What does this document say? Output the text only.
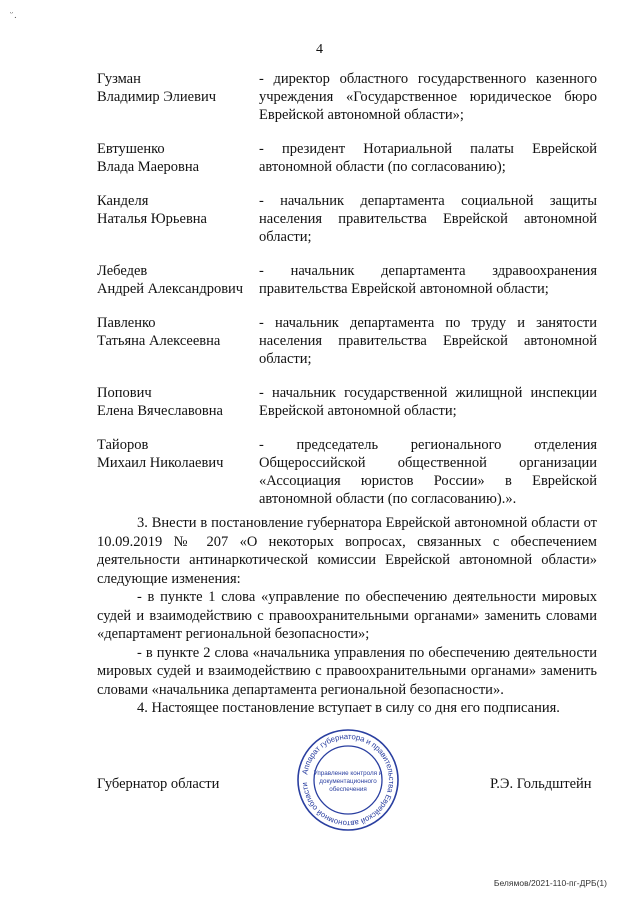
ᵕ ̣
4
Гузман
Владимир Элиевич
- директор областного государственного казенного учреждения «Государственное юридическое бюро Еврейской автономной области»;
Евтушенко
Влада Маеровна
- президент Нотариальной палаты Еврейской автономной области (по согласованию);
Канделя
Наталья Юрьевна
- начальник департамента социальной защиты населения правительства Еврейской автономной области;
Лебедев
Андрей Александрович
- начальник департамента здравоохранения правительства Еврейской автономной области;
Павленко
Татьяна Алексеевна
- начальник департамента по труду и занятости населения правительства Еврейской автономной области;
Попович
Елена Вячеславовна
- начальник государственной жилищной инспекции Еврейской автономной области;
Тайоров
Михаил Николаевич
- председатель регионального отделения Общероссийской общественной организации «Ассоциация юристов России» в Еврейской автономной области (по согласованию).».

3. Внести в постановление губернатора Еврейской автономной области от 10.09.2019 № 207 «О некоторых вопросах, связанных с обеспечением деятельности антинаркотической комиссии Еврейской автономной области» следующие изменения:

- в пункте 1 слова «управление по обеспечению деятельности мировых судей и взаимодействию с правоохранительными органами» заменить словами «департамент региональной безопасности»;

- в пункте 2 слова «начальника управления по обеспечению деятельности мировых судей и взаимодействию с правоохранительными органами» заменить словами «начальника департамента региональной безопасности».

4. Настоящее постановление вступает в силу со дня его подписания.

Губернатор области
Аппарат губернатора и правительства Еврейской автономной области
Управление контроля и
документационного
обеспечения	Р.Э. Гольдштейн
Белямов/2021-110-пг-ДРБ(1)
